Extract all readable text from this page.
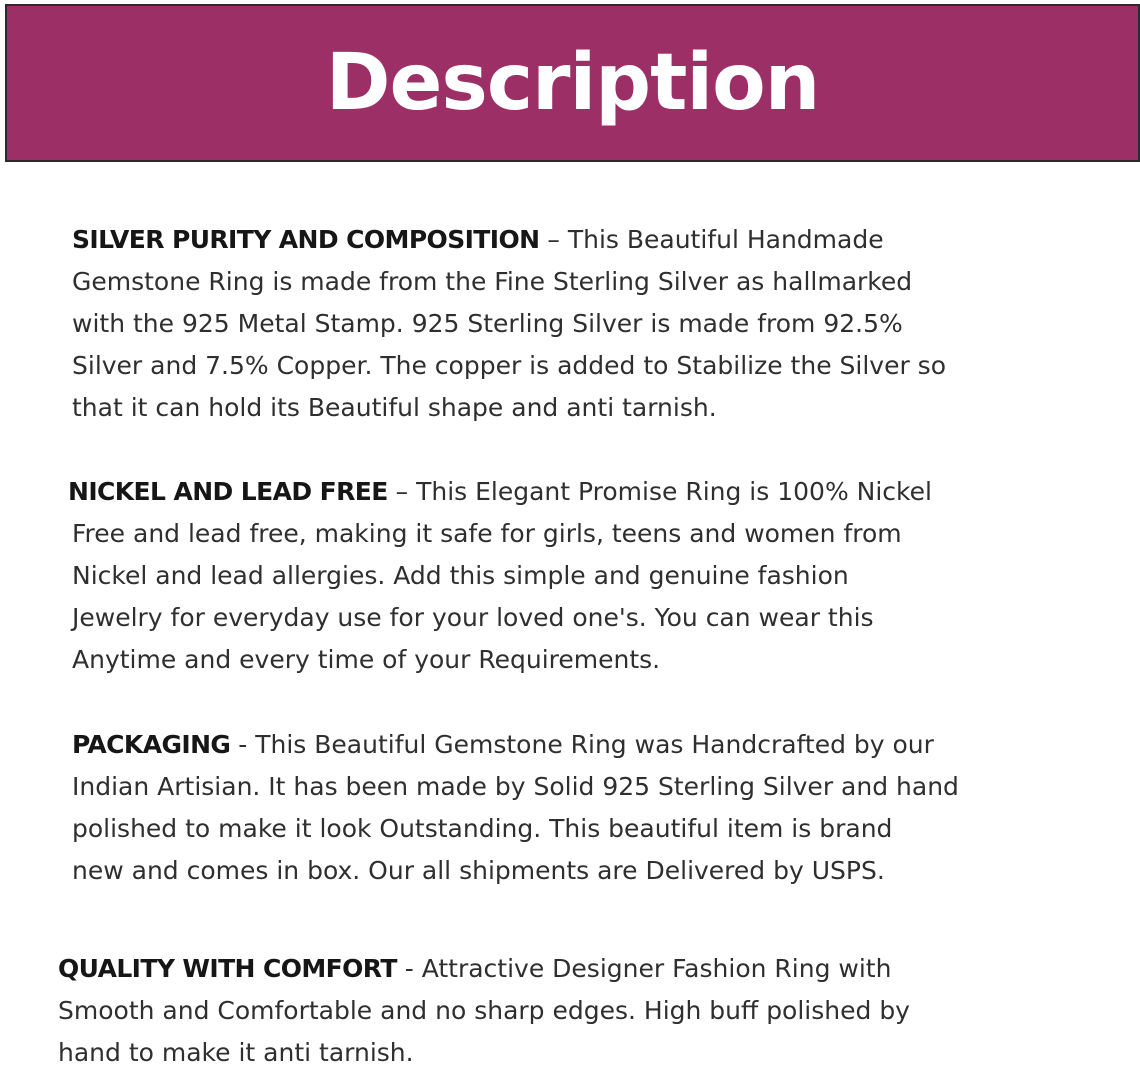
Description
SILVER PURITY AND COMPOSITION – This Beautiful Handmade
Gemstone Ring is made from the Fine Sterling Silver as hallmarked
with the 925 Metal Stamp. 925 Sterling Silver is made from 92.5%
Silver and 7.5% Copper. The copper is added to Stabilize the Silver so
that it can hold its Beautiful shape and anti tarnish.
NICKEL AND LEAD FREE – This Elegant Promise Ring is 100% Nickel
Free and lead free, making it safe for girls, teens and women from
Nickel and lead allergies. Add this simple and genuine fashion
Jewelry for everyday use for your loved one's. You can wear this
Anytime and every time of your Requirements.
PACKAGING - This Beautiful Gemstone Ring was Handcrafted by our
Indian Artisian. It has been made by Solid 925 Sterling Silver and hand
polished to make it look Outstanding. This beautiful item is brand
new and comes in box. Our all shipments are Delivered by USPS.
QUALITY WITH COMFORT - Attractive Designer Fashion Ring with
Smooth and Comfortable and no sharp edges. High buff polished by
hand to make it anti tarnish.
